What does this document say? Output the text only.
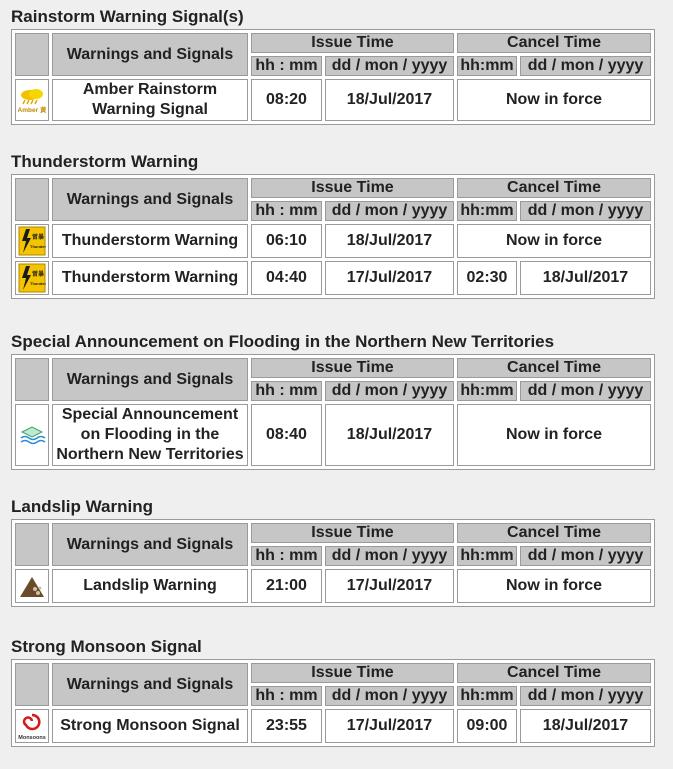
Rainstorm Warning Signal(s)
	Warnings and Signals	Issue Time		Cancel Time	
		hh : mm	dd / mon / yyyy	hh:mm	dd / mon / yyyy

Amber 黃	Amber Rainstorm Warning Signal	08:20	18/Jul/2017	Now in force	
Thunderstorm Warning
	Warnings and Signals	Issue Time		Cancel Time	
		hh : mm	dd / mon / yyyy	hh:mm	dd / mon / yyyy

雷暴
Thunder	Thunderstorm Warning	06:10	18/Jul/2017	Now in force	

雷暴
Thunder	Thunderstorm Warning	04:40	17/Jul/2017	02:30	18/Jul/2017
Special Announcement on Flooding in the Northern New Territories
	Warnings and Signals	Issue Time		Cancel Time	
		hh : mm	dd / mon / yyyy	hh:mm	dd / mon / yyyy

	Special Announcement on Flooding in the Northern New Territories	08:40	18/Jul/2017	Now in force	
Landslip Warning
	Warnings and Signals	Issue Time		Cancel Time	
		hh : mm	dd / mon / yyyy	hh:mm	dd / mon / yyyy

	Landslip Warning	21:00	17/Jul/2017	Now in force	
Strong Monsoon Signal
	Warnings and Signals	Issue Time		Cancel Time	
		hh : mm	dd / mon / yyyy	hh:mm	dd / mon / yyyy

Monsoons	Strong Monsoon Signal	23:55	17/Jul/2017	09:00	18/Jul/2017
